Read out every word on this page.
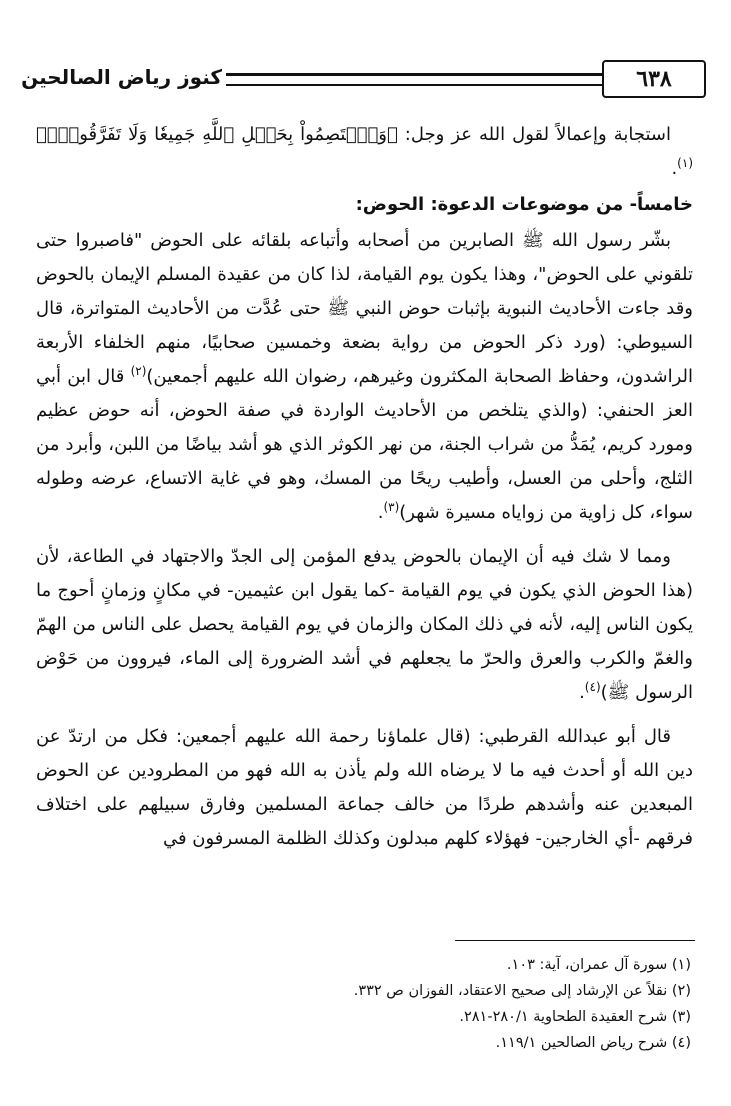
٦٣٨
كنوز رياض الصالحين

استجابة وإعمالاً لقول الله عز وجل: ﴿وَٱعۡتَصِمُواْ بِحَبۡلِ ٱللَّهِ جَمِيعٗا وَلَا تَفَرَّقُواْۚ﴾$^{(١)}$.

خامساً- من موضوعات الدعوة: الحوض:

بشّر رسول الله ﷺ الصابرين من أصحابه وأتباعه بلقائه على الحوض "فاصبروا حتى تلقوني على الحوض"، وهذا يكون يوم القيامة، لذا كان من عقيدة المسلم الإيمان بالحوض وقد جاءت الأحاديث النبوية بإثبات حوض النبي ﷺ حتى عُدَّت من الأحاديث المتواترة، قال السيوطي: (ورد ذكر الحوض من رواية بضعة وخمسين صحابيًا، منهم الخلفاء الأربعة الراشدون، وحفاظ الصحابة المكثرون وغيرهم، رضوان الله عليهم أجمعين)$^{(٢)}$ قال ابن أبي العز الحنفي: (والذي يتلخص من الأحاديث الواردة في صفة الحوض، أنه حوض عظيم ومورد كريم، يُمَدُّ من شراب الجنة، من نهر الكوثر الذي هو أشد بياضًا من اللبن، وأبرد من الثلج، وأحلى من العسل، وأطيب ريحًا من المسك، وهو في غاية الاتساع، عرضه وطوله سواء، كل زاوية من زواياه مسيرة شهر)$^{(٣)}$.

ومما لا شك فيه أن الإيمان بالحوض يدفع المؤمن إلى الجدّ والاجتهاد في الطاعة، لأن (هذا الحوض الذي يكون في يوم القيامة -كما يقول ابن عثيمين- في مكانٍ وزمانٍ أحوج ما يكون الناس إليه، لأنه في ذلك المكان والزمان في يوم القيامة يحصل على الناس من الهمّ والغمّ والكرب والعرق والحرّ ما يجعلهم في أشد الضرورة إلى الماء، فيروون من حَوْض الرسول ﷺ)$^{(٤)}$.

قال أبو عبدالله القرطبي: (قال علماؤنا رحمة الله عليهم أجمعين: فكل من ارتدّ عن دين الله أو أحدث فيه ما لا يرضاه الله ولم يأذن به الله فهو من المطرودين عن الحوض المبعدين عنه وأشدهم طردًا من خالف جماعة المسلمين وفارق سبيلهم على اختلاف فرقهم -أي الخارجين- فهؤلاء كلهم مبدلون وكذلك الظلمة المسرفون في

(١) سورة آل عمران، آية: ١٠٣.

(٢) نقلاً عن الإرشاد إلى صحيح الاعتقاد، الفوزان ص ٣٣٢.

(٣) شرح العقيدة الطحاوية ٢٨٠/١-٢٨١.

(٤) شرح رياض الصالحين ١١٩/١.
